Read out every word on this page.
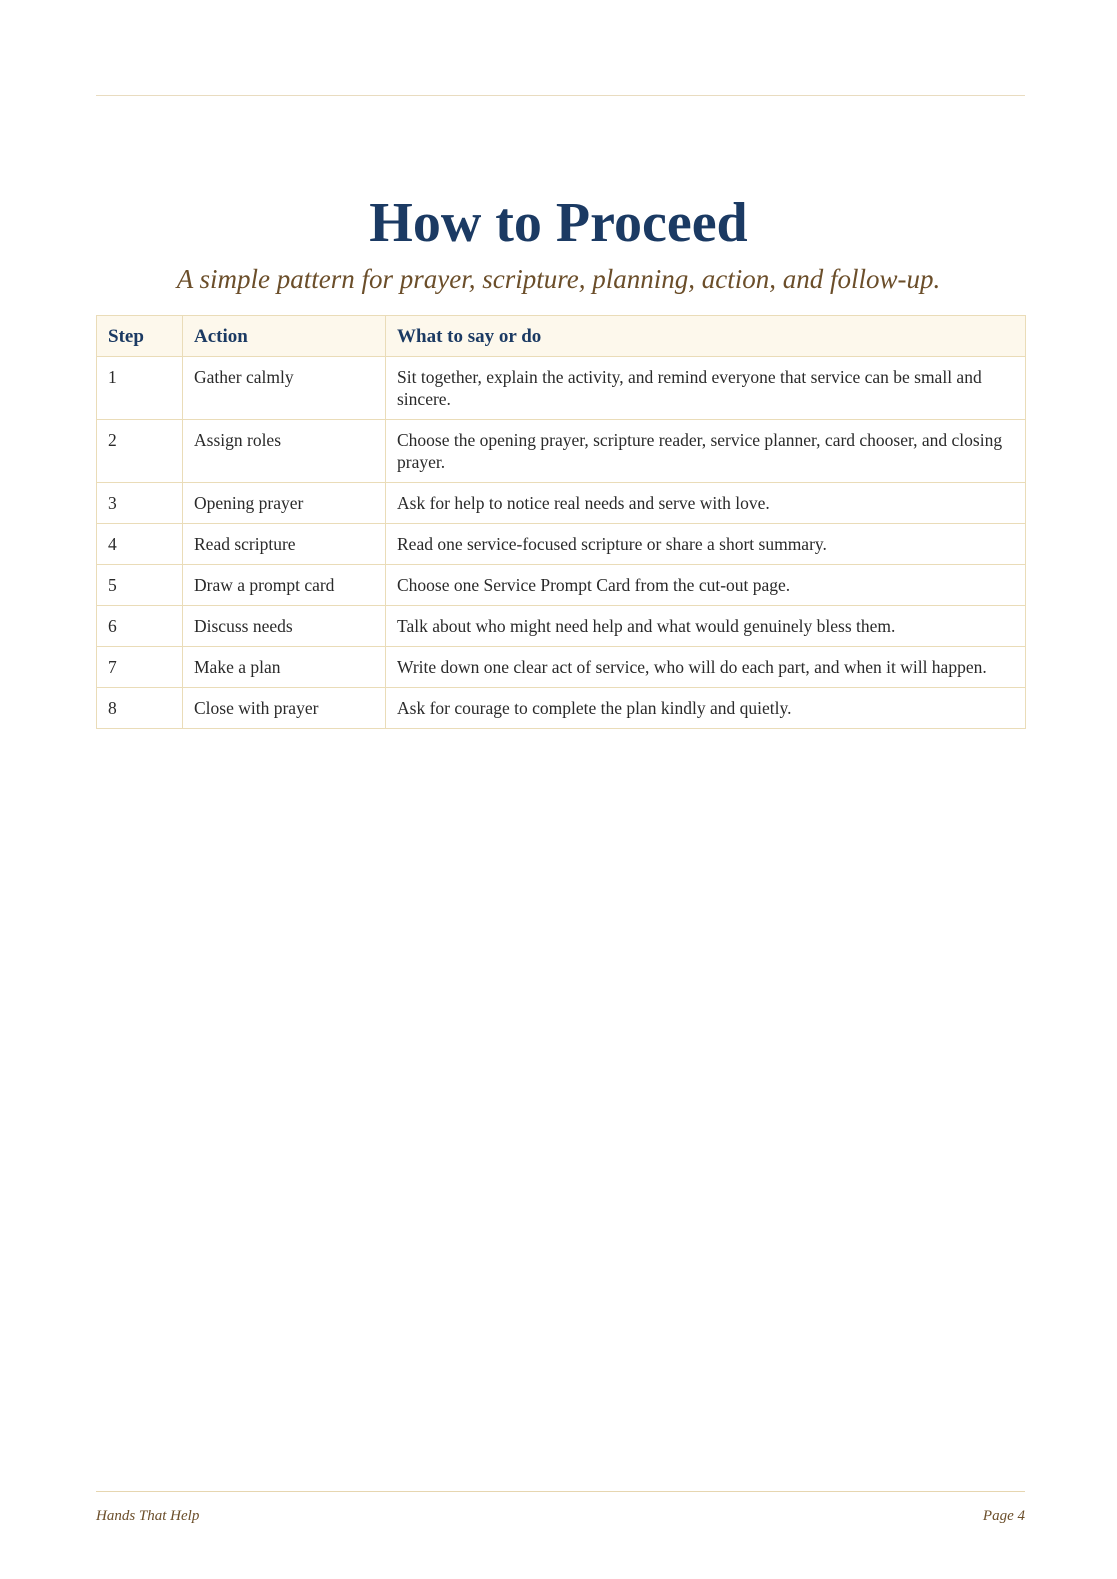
How to Proceed

A simple pattern for prayer, scripture, planning, action, and follow-up.

Step	Action	What to say or do
1	Gather calmly	Sit together, explain the activity, and remind everyone that service can be small and sincere.
2	Assign roles	Choose the opening prayer, scripture reader, service planner, card chooser, and closing prayer.
3	Opening prayer	Ask for help to notice real needs and serve with love.
4	Read scripture	Read one service-focused scripture or share a short summary.
5	Draw a prompt card	Choose one Service Prompt Card from the cut-out page.
6	Discuss needs	Talk about who might need help and what would genuinely bless them.
7	Make a plan	Write down one clear act of service, who will do each part, and when it will happen.
8	Close with prayer	Ask for courage to complete the plan kindly and quietly.
Hands That Help	Page 4
